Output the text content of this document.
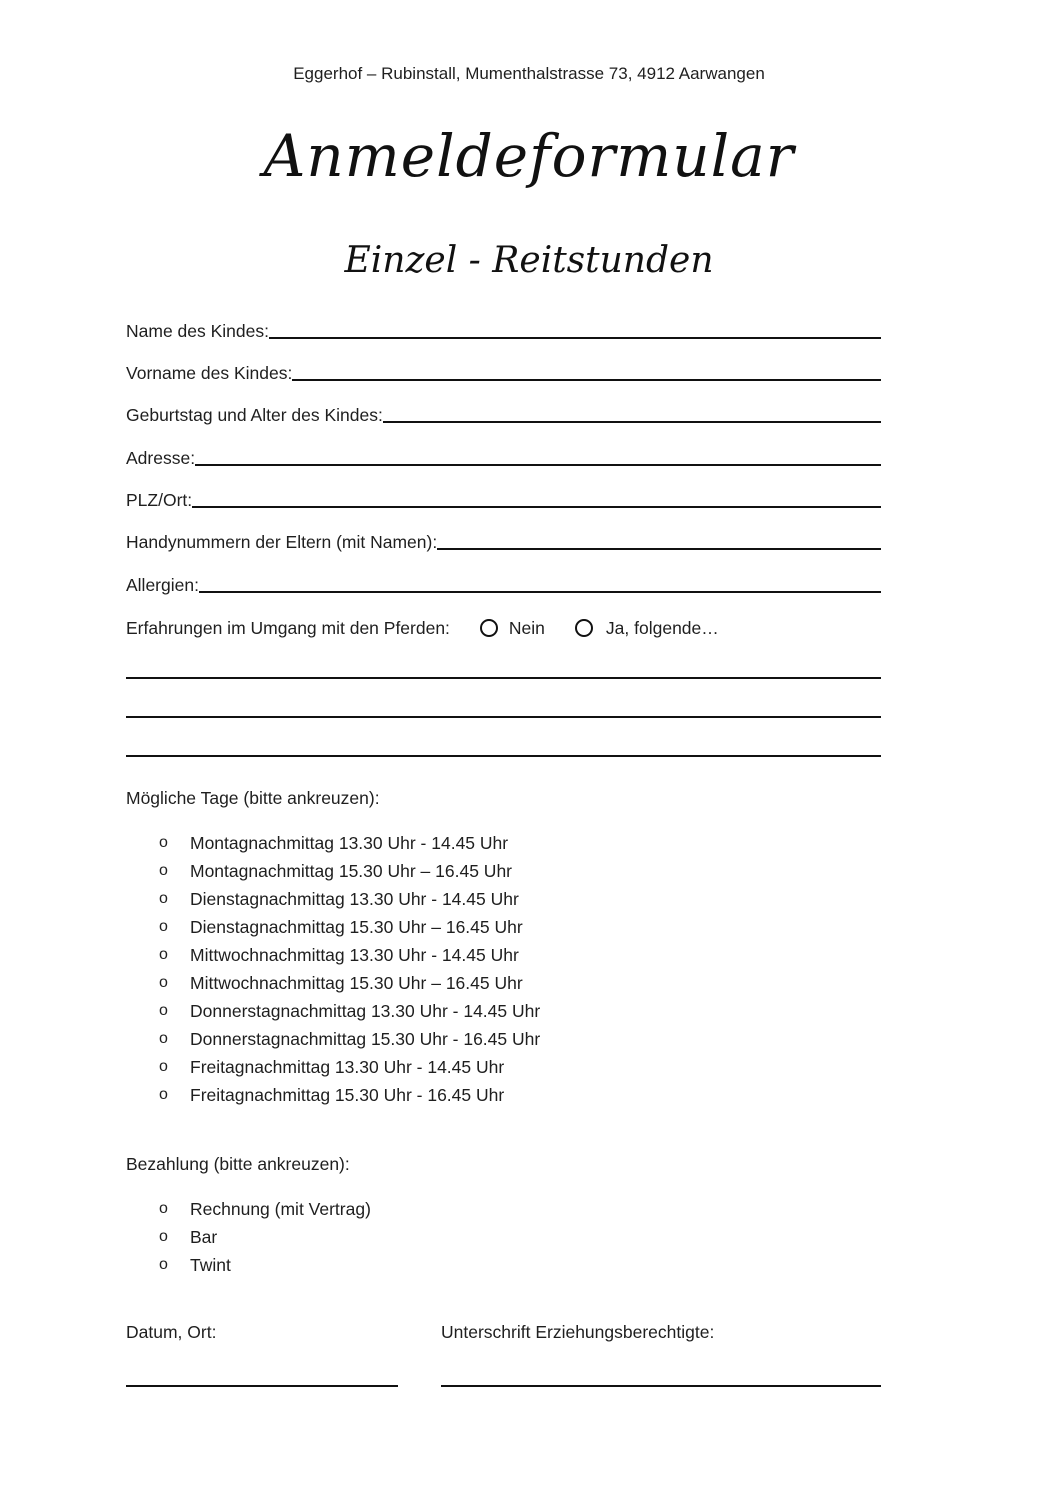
Eggerhof – Rubinstall, Mumenthalstrasse 73, 4912 Aarwangen
Anmeldeformular
Einzel - Reitstunden
Name des Kindes:
Vorname des Kindes:
Geburtstag und Alter des Kindes:
Adresse:
PLZ/Ort:
Handynummern der Eltern (mit Namen):
Allergien:
Erfahrungen im Umgang mit den Pferden:	Nein	Ja, folgende…
Mögliche Tage (bitte ankreuzen):
o	Montagnachmittag 13.30 Uhr - 14.45 Uhr
o	Montagnachmittag 15.30 Uhr – 16.45 Uhr
o	Dienstagnachmittag 13.30 Uhr - 14.45 Uhr
o	Dienstagnachmittag 15.30 Uhr – 16.45 Uhr
o	Mittwochnachmittag 13.30 Uhr - 14.45 Uhr
o	Mittwochnachmittag 15.30 Uhr – 16.45 Uhr
o	Donnerstagnachmittag 13.30 Uhr - 14.45 Uhr
o	Donnerstagnachmittag 15.30 Uhr - 16.45 Uhr
o	Freitagnachmittag 13.30 Uhr - 14.45 Uhr
o	Freitagnachmittag 15.30 Uhr - 16.45 Uhr
Bezahlung (bitte ankreuzen):
o	Rechnung (mit Vertrag)
o	Bar
o	Twint
Datum, Ort:	Unterschrift Erziehungsberechtigte:
